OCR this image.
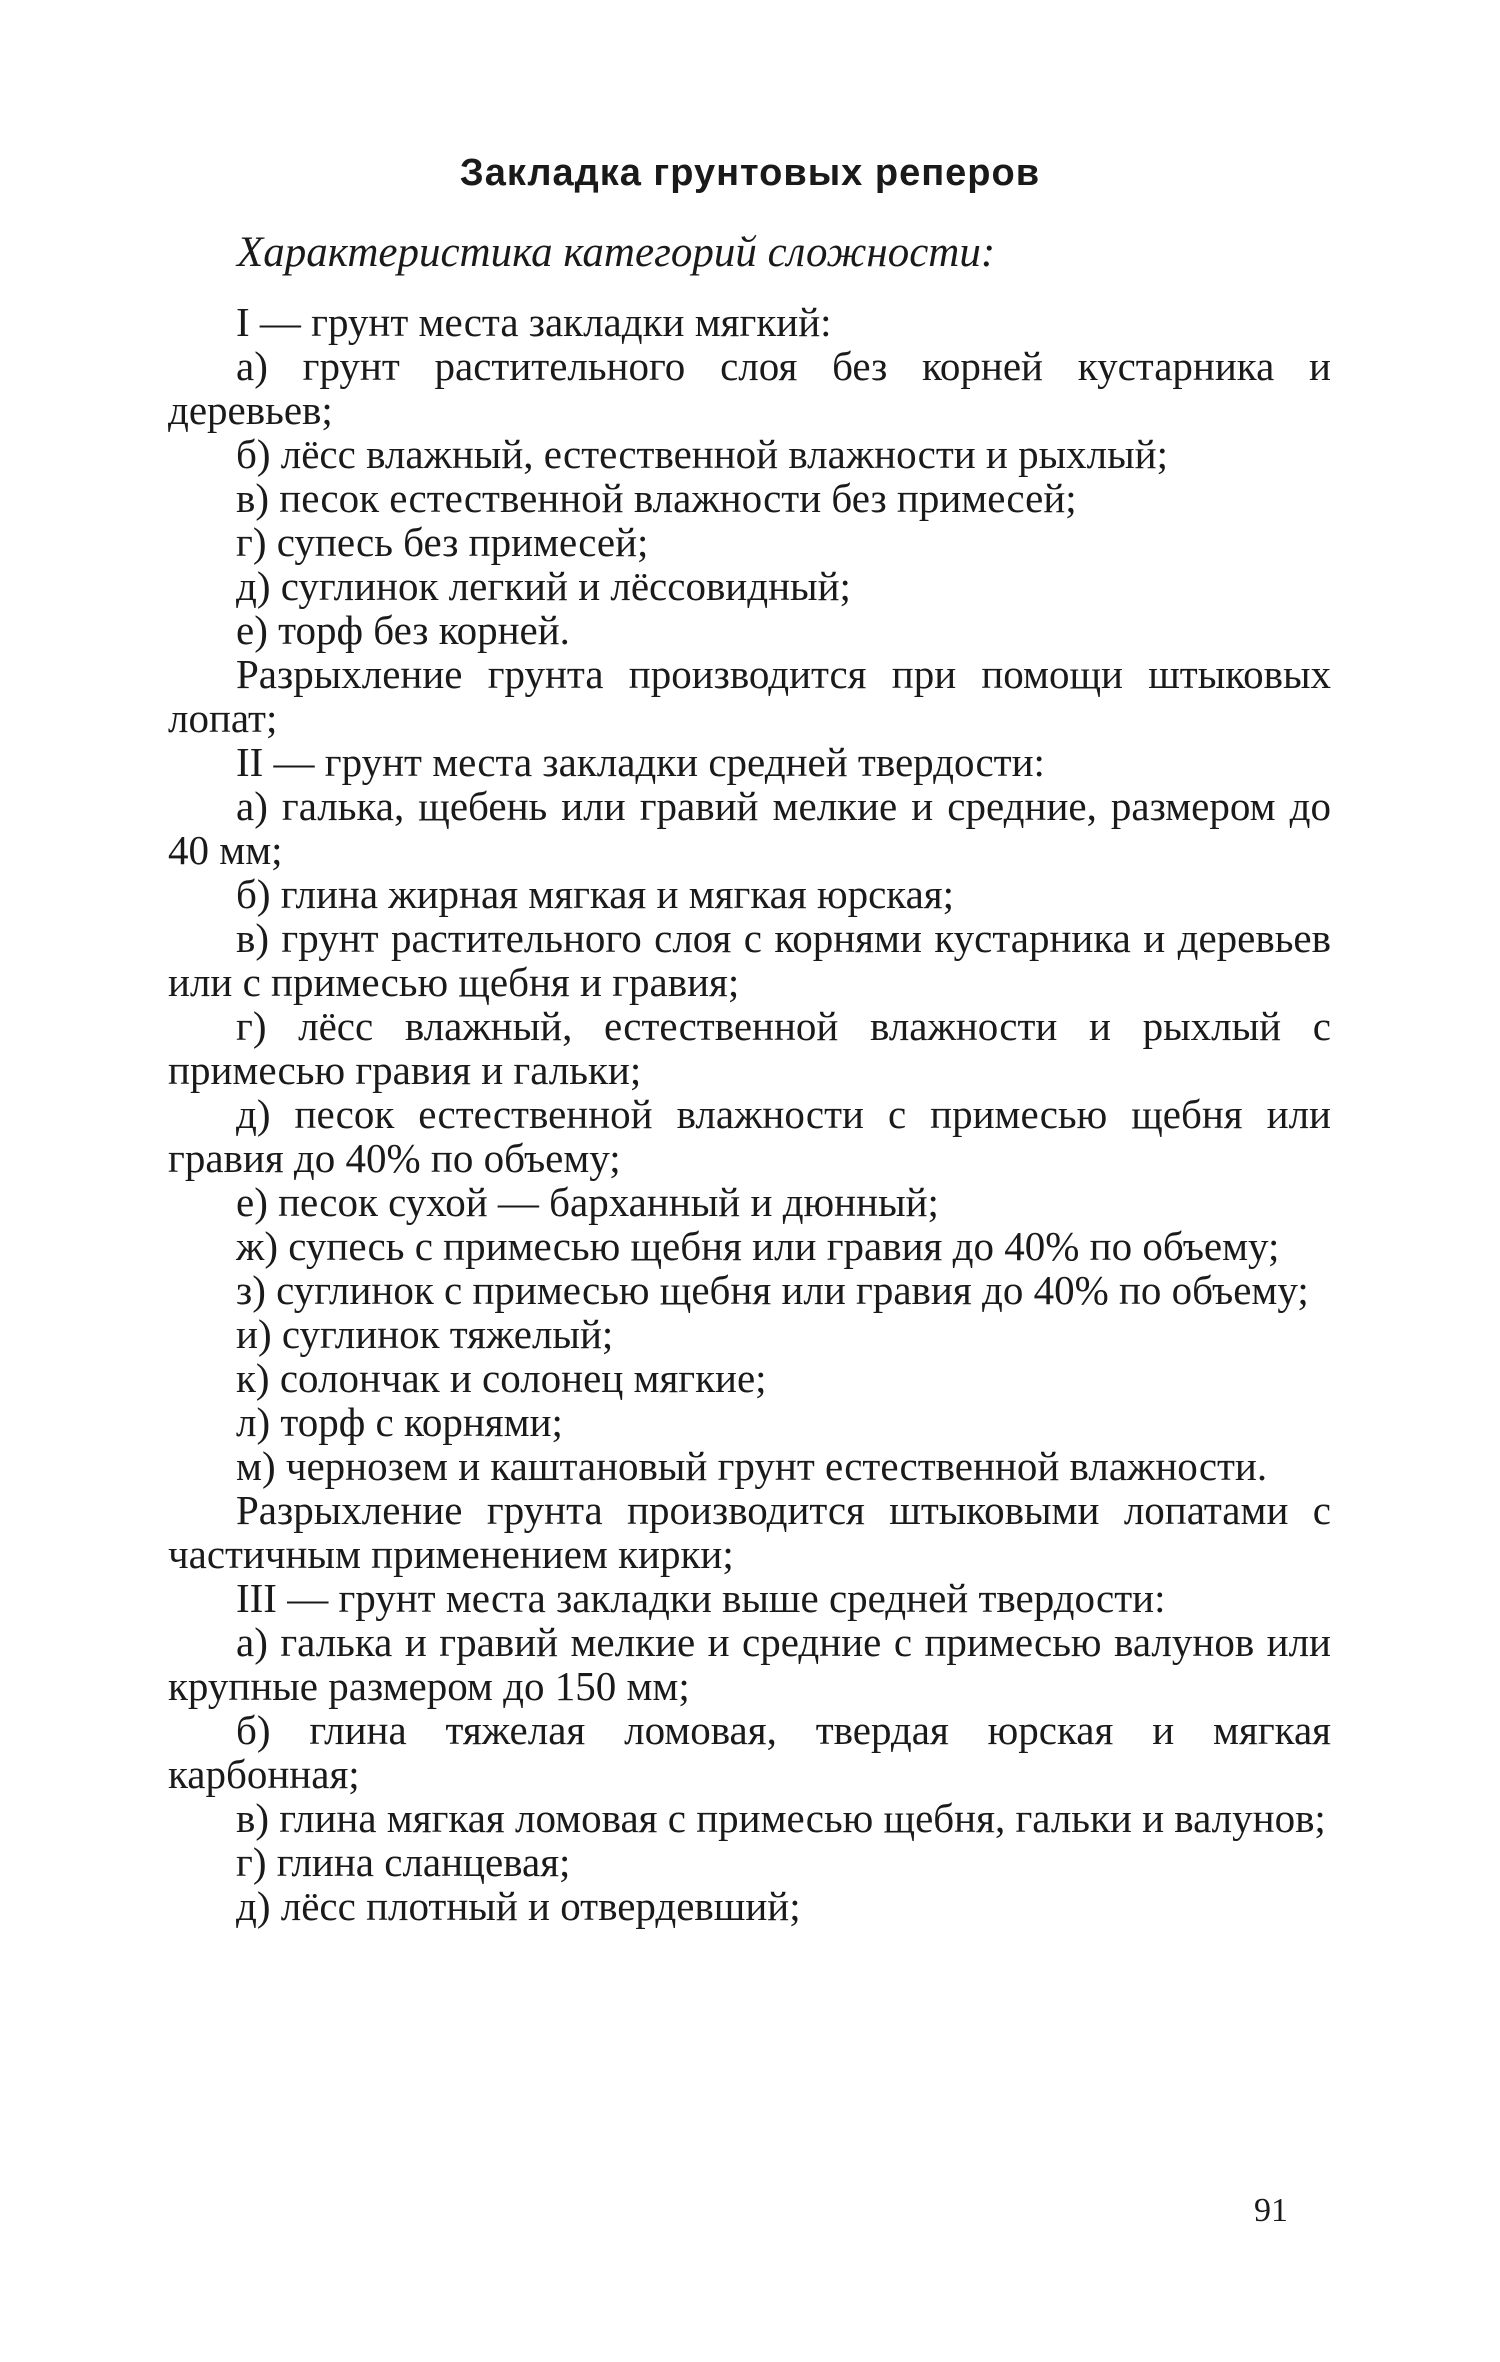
Закладка грунтовых реперов
Характеристика категорий сложности:

I — грунт места закладки мягкий:

а) грунт растительного слоя без корней кустарника и деревьев;

б) лёсс влажный, естественной влажности и рыхлый;

в) песок естественной влажности без примесей;

г) супесь без примесей;

д) суглинок легкий и лёссовидный;

е) торф без корней.

Разрыхление грунта производится при помощи штыковых лопат;

II — грунт места закладки средней твердости:

а) галька, щебень или гравий мелкие и средние, размером до 40 мм;

б) глина жирная мягкая и мягкая юрская;

в) грунт растительного слоя с корнями кустарника и деревьев или с примесью щебня и гравия;

г) лёсс влажный, естественной влажности и рыхлый с примесью гравия и гальки;

д) песок естественной влажности с примесью щебня или гравия до 40% по объему;

е) песок сухой — барханный и дюнный;

ж) супесь с примесью щебня или гравия до 40% по объему;

з) суглинок с примесью щебня или гравия до 40% по объему;

и) суглинок тяжелый;

к) солончак и солонец мягкие;

л) торф с корнями;

м) чернозем и каштановый грунт естественной влажности.

Разрыхление грунта производится штыковыми лопатами с частичным применением кирки;

III — грунт места закладки выше средней твердости:

а) галька и гравий мелкие и средние с примесью валунов или крупные размером до 150 мм;

б) глина тяжелая ломовая, твердая юрская и мягкая карбонная;

в) глина мягкая ломовая с примесью щебня, гальки и валунов;

г) глина сланцевая;

д) лёсс плотный и отвердевший;

91
